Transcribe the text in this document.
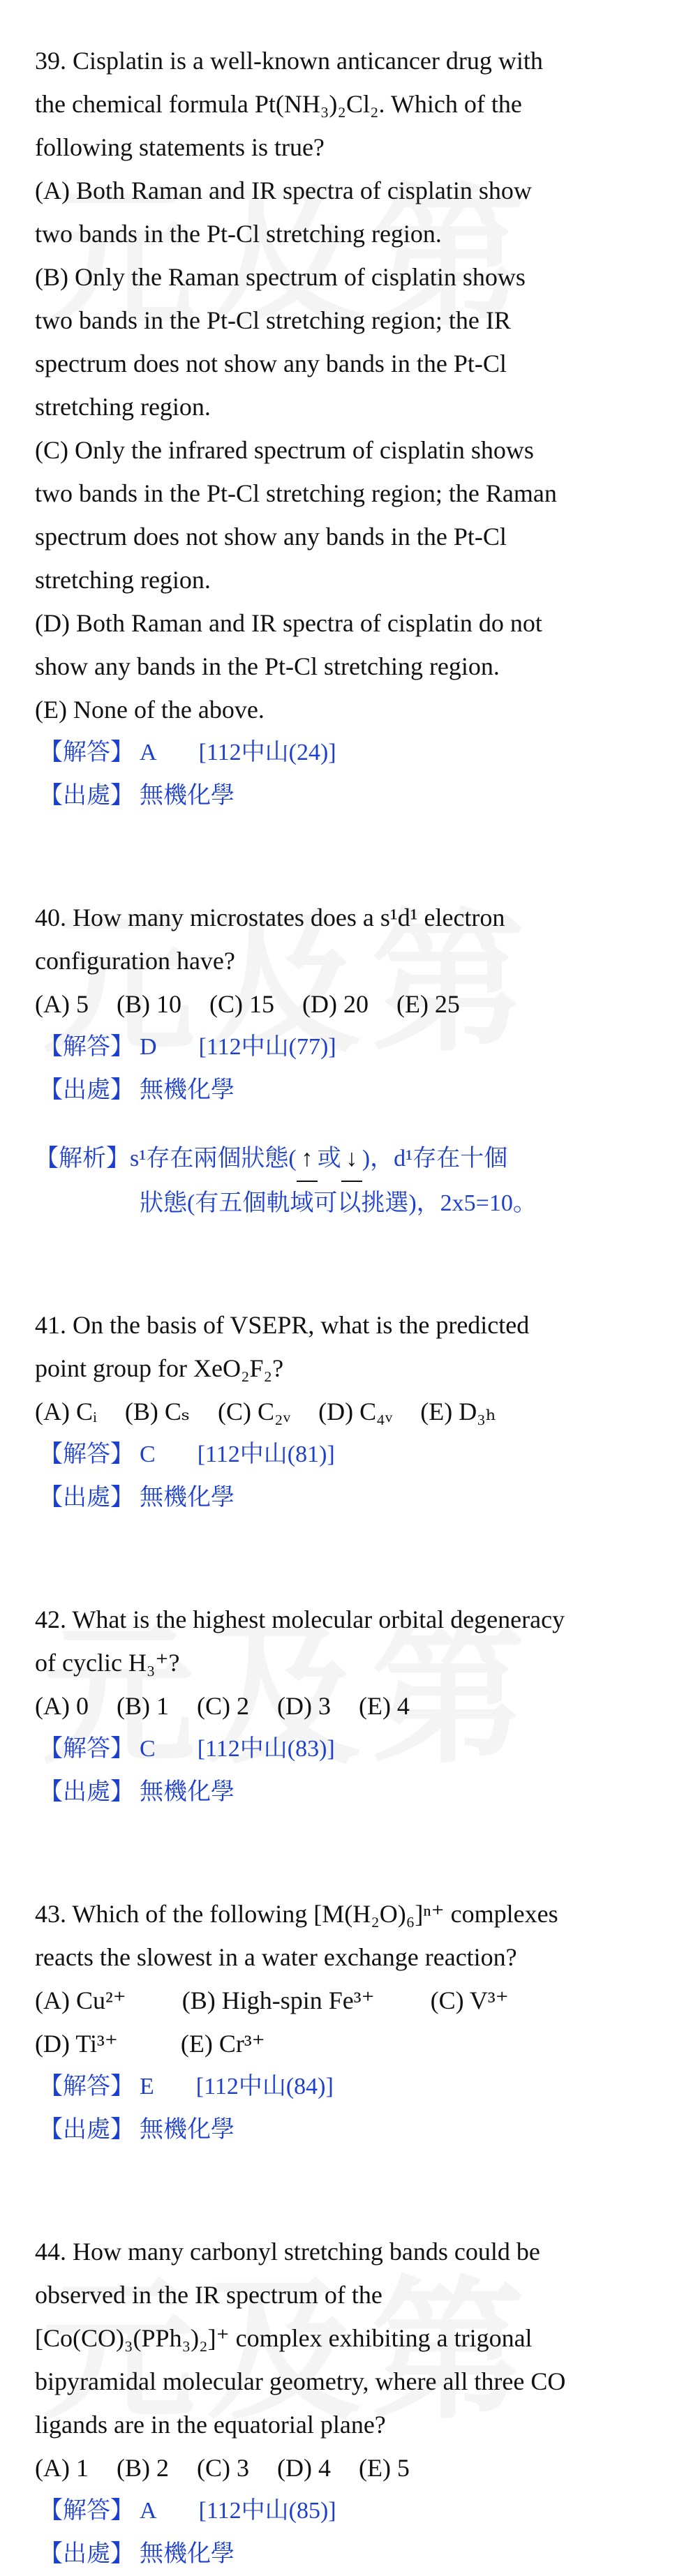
39. Cisplatin is a well-known anticancer drug with

the chemical formula Pt(NH₃)₂Cl₂. Which of the

following statements is true?

(A) Both Raman and IR spectra of cisplatin show

two bands in the Pt-Cl stretching region.

(B) Only the Raman spectrum of cisplatin shows

two bands in the Pt-Cl stretching region; the IR

spectrum does not show any bands in the Pt-Cl

stretching region.

(C) Only the infrared spectrum of cisplatin shows

two bands in the Pt-Cl stretching region; the Raman

spectrum does not show any bands in the Pt-Cl

stretching region.

(D) Both Raman and IR spectra of cisplatin do not

show any bands in the Pt-Cl stretching region.

(E) None of the above.

【解答】 A [112中山(24)]
【出處】 無機化學

40. How many microstates does a s¹d¹ electron

configuration have?

(A) 5 (B) 10 (C) 15 (D) 20 (E) 25
【解答】 D [112中山(77)]
【出處】 無機化學
【解析】s¹存在兩個狀態( ↑ 或 ↓ )，d¹存在十個
狀態(有五個軌域可以挑選)，2x5=10。

41. On the basis of VSEPR, what is the predicted

point group for XeO₂F₂?

(A) Cᵢ (B) Cₛ (C) C₂ᵥ (D) C₄ᵥ (E) D₃ₕ
【解答】 C [112中山(81)]
【出處】 無機化學

42. What is the highest molecular orbital degeneracy

of cyclic H₃⁺?

(A) 0 (B) 1 (C) 2 (D) 3 (E) 4
【解答】 C [112中山(83)]
【出處】 無機化學

43. Which of the following [M(H₂O)₆]ⁿ⁺ complexes

reacts the slowest in a water exchange reaction?

(A) Cu²⁺ (B) High-spin Fe³⁺ (C) V³⁺
(D) Ti³⁺	(E) Cr³⁺
【解答】 E [112中山(84)]
【出處】 無機化學

44. How many carbonyl stretching bands could be

observed in the IR spectrum of the

[Co(CO)₃(PPh₃)₂]⁺ complex exhibiting a trigonal

bipyramidal molecular geometry, where all three CO

ligands are in the equatorial plane?

(A) 1 (B) 2 (C) 3 (D) 4 (E) 5
【解答】 A [112中山(85)]
【出處】 無機化學
